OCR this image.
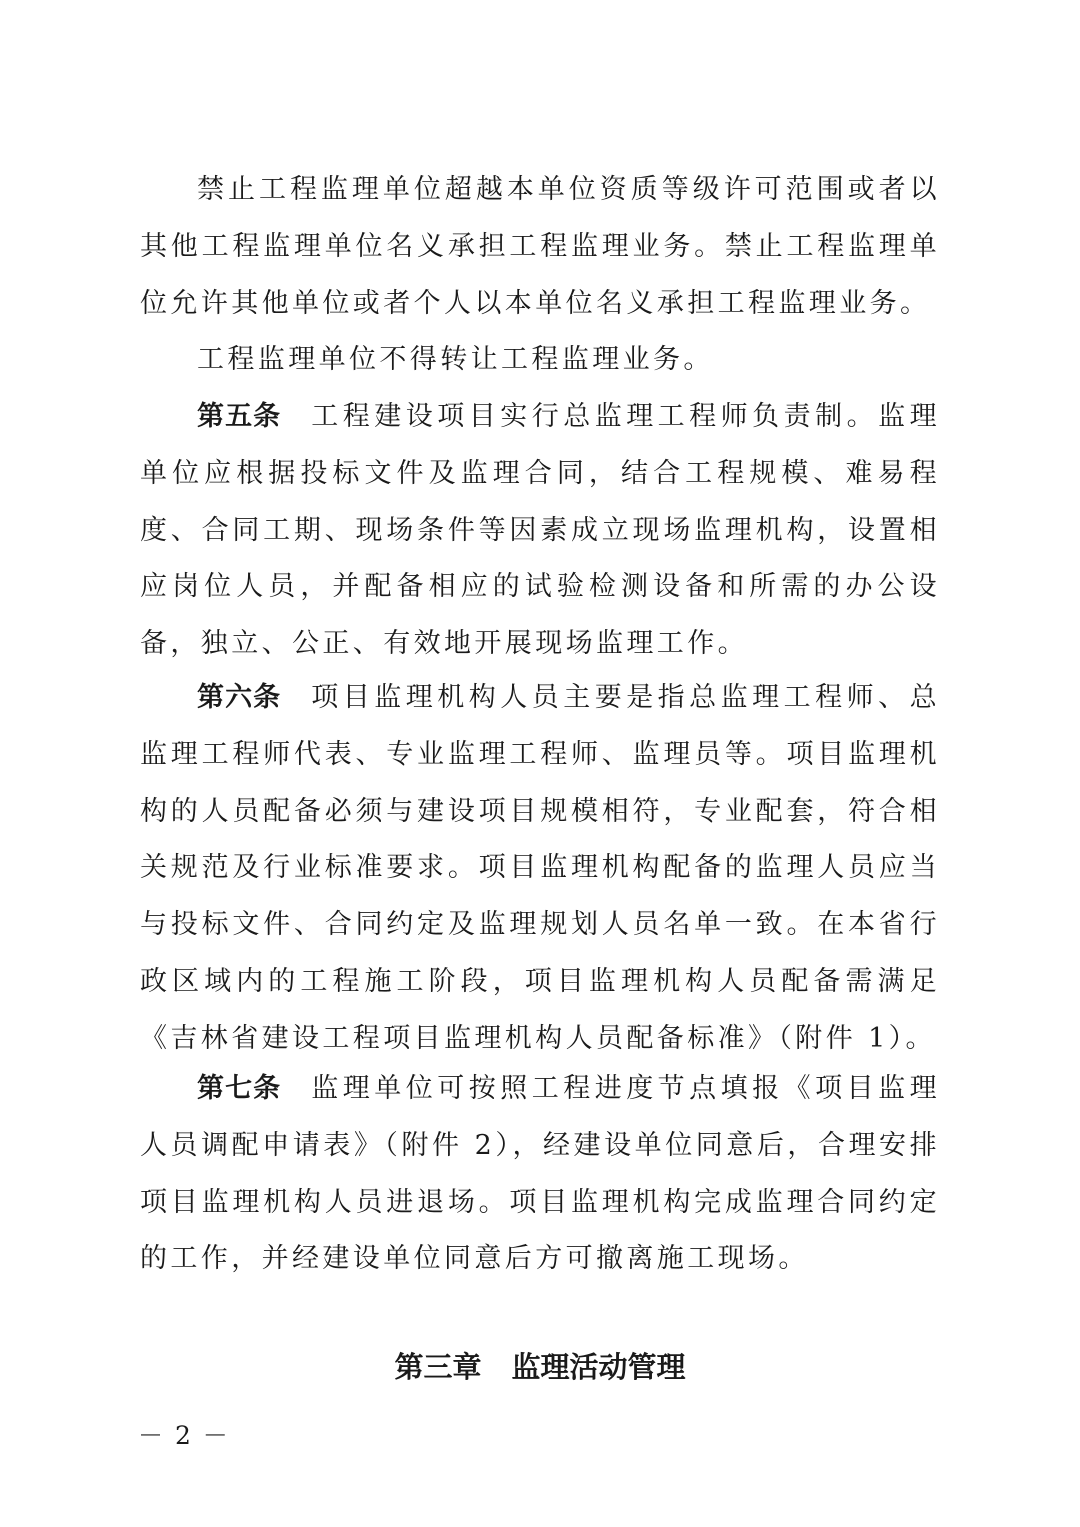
禁止工程监理单位超越本单位资质等级许可范围或者以其他工程监理单位名义承担工程监理业务。禁止工程监理单位允许其他单位或者个人以本单位名义承担工程监理业务。

工程监理单位不得转让工程监理业务。

第五条 工程建设项目实行总监理工程师负责制。监理单位应根据投标文件及监理合同，结合工程规模、难易程度、合同工期、现场条件等因素成立现场监理机构，设置相应岗位人员，并配备相应的试验检测设备和所需的办公设备，独立、公正、有效地开展现场监理工作。

第六条 项目监理机构人员主要是指总监理工程师、总监理工程师代表、专业监理工程师、监理员等。项目监理机构的人员配备必须与建设项目规模相符，专业配套，符合相关规范及行业标准要求。项目监理机构配备的监理人员应当与投标文件、合同约定及监理规划人员名单一致。在本省行政区域内的工程施工阶段，项目监理机构人员配备需满足《吉林省建设工程项目监理机构人员配备标准》（附件 1）。

第七条 监理单位可按照工程进度节点填报《项目监理人员调配申请表》（附件 2），经建设单位同意后，合理安排项目监理机构人员进退场。项目监理机构完成监理合同约定的工作，并经建设单位同意后方可撤离施工现场。

第三章 监理活动管理

－ 2 －
